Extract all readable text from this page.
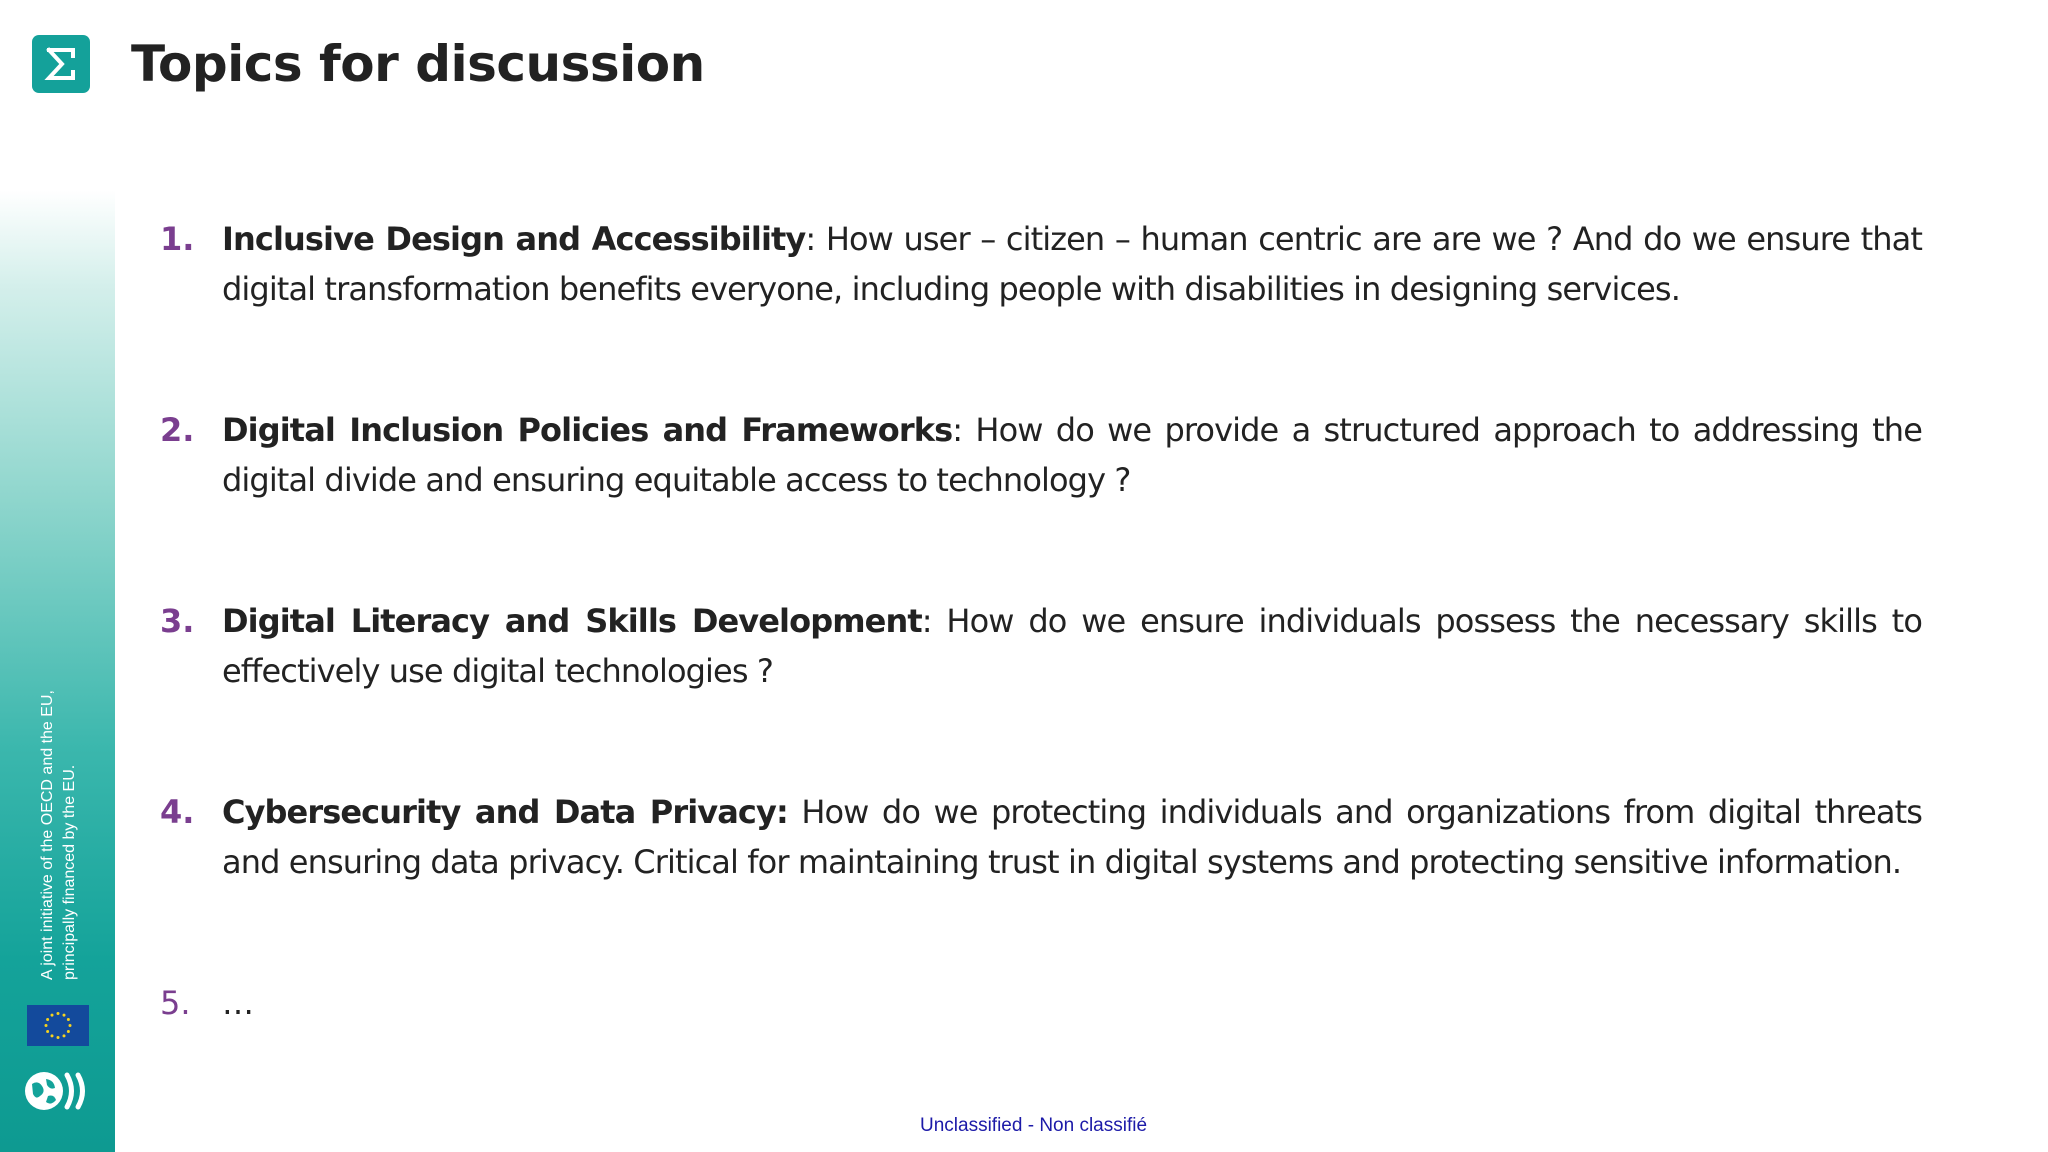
Topics for discussion
A joint initiative of the OECD and the EU, principally financed by the EU.
1. Inclusive Design and Accessibility: How user – citizen – human centric are are we ? And do we ensure that digital transformation benefits everyone, including people with disabilities in designing services.
2. Digital Inclusion Policies and Frameworks: How do we provide a structured approach to addressing the digital divide and ensuring equitable access to technology ?
3. Digital Literacy and Skills Development: How do we ensure individuals possess the necessary skills to effectively use digital technologies ?
4. Cybersecurity and Data Privacy: How do we protecting individuals and organizations from digital threats and ensuring data privacy. Critical for maintaining trust in digital systems and protecting sensitive information.
5. …
Unclassified - Non classifié
